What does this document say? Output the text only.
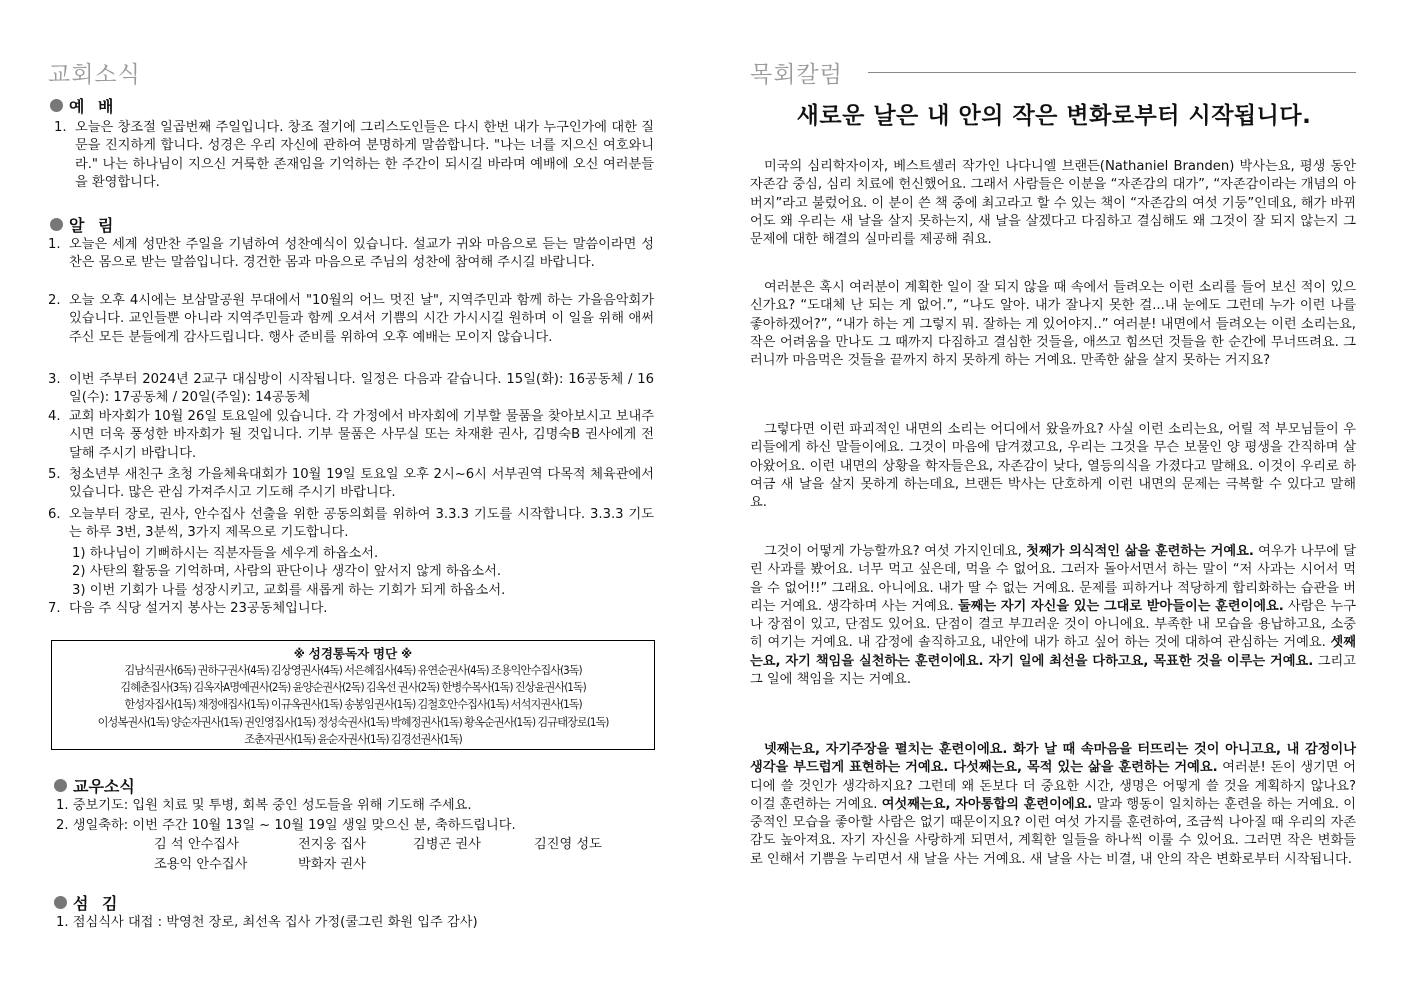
교회소식
예 배
1. 오늘은 창조절 일곱번째 주일입니다. 창조 절기에 그리스도인들은 다시 한번 내가 누구인가에 대한 질문을 진지하게 합니다. 성경은 우리 자신에 관하여 분명하게 말씀합니다. "나는 너를 지으신 여호와니라." 나는 하나님이 지으신 거룩한 존재임을 기억하는 한 주간이 되시길 바라며 예배에 오신 여러분들을 환영합니다.
알 림
1. 오늘은 세계 성만찬 주일을 기념하여 성찬예식이 있습니다. 설교가 귀와 마음으로 듣는 말씀이라면 성찬은 몸으로 받는 말씀입니다. 경건한 몸과 마음으로 주님의 성찬에 참여해 주시길 바랍니다.
2. 오늘 오후 4시에는 보삼말공원 무대에서 "10월의 어느 멋진 날", 지역주민과 함께 하는 가을음악회가 있습니다. 교인들뿐 아니라 지역주민들과 함께 오셔서 기쁨의 시간 가시시길 원하며 이 일을 위해 애써주신 모든 분들에게 감사드립니다. 행사 준비를 위하여 오후 예배는 모이지 않습니다.
3. 이번 주부터 2024년 2교구 대심방이 시작됩니다. 일정은 다음과 같습니다. 15일(화): 16공동체 / 16일(수): 17공동체 / 20일(주일): 14공동체
4. 교회 바자회가 10월 26일 토요일에 있습니다. 각 가정에서 바자회에 기부할 물품을 찾아보시고 보내주시면 더욱 풍성한 바자회가 될 것입니다. 기부 물품은 사무실 또는 차재환 권사, 김명숙B 권사에게 전달해 주시기 바랍니다.
5. 청소년부 새친구 초청 가을체육대회가 10월 19일 토요일 오후 2시~6시 서부권역 다목적 체육관에서 있습니다. 많은 관심 가져주시고 기도해 주시기 바랍니다.
6. 오늘부터 장로, 권사, 안수집사 선출을 위한 공동의회를 위하여 3.3.3 기도를 시작합니다. 3.3.3 기도는 하루 3번, 3분씩, 3가지 제목으로 기도합니다.
1) 하나님이 기뻐하시는 직분자들을 세우게 하옵소서.
2) 사탄의 활동을 기억하며, 사람의 판단이나 생각이 앞서지 않게 하옵소서.
3) 이번 기회가 나를 성장시키고, 교회를 새롭게 하는 기회가 되게 하옵소서.
7. 다음 주 식당 설거지 봉사는 23공동체입니다.
※ 성경통독자 명단 ※
김남식권사(6독) 권하구권사(4독) 김상영권사(4독) 서은혜집사(4독) 유연순권사(4독) 조용익안수집사(3독)
김혜춘집사(3독) 김옥자A명예권사(2독) 윤양순권사(2독) 김옥선 권사(2독) 한병수목사(1독) 진상윤권사(1독)
한성자집사(1독) 채정애집사(1독) 이규옥권사(1독) 송봉임권사(1독) 김철호안수집사(1독) 서석지권사(1독)
이성복권사(1독) 양순자권사(1독) 권인영집사(1독) 정성숙권사(1독) 박혜정권사(1독) 황옥순권사(1독) 김규태장로(1독)
조춘자권사(1독) 윤순자권사(1독) 김경선권사(1독)
교우소식
1. 중보기도: 입원 치료 및 투병, 회복 중인 성도들을 위해 기도해 주세요.
2. 생일축하: 이번 주간 10월 13일 ~ 10월 19일 생일 맞으신 분, 축하드립니다.
김 석 안수집사	전지웅 집사	김병곤 권사	김진영 성도
조용익 안수집사	박화자 권사
섬 김
1. 점심식사 대접 : 박영천 장로, 최선옥 집사 가정(쿨그린 화원 입주 감사)
목회칼럼
새로운 날은 내 안의 작은 변화로부터 시작됩니다.
미국의 심리학자이자, 베스트셀러 작가인 나다니엘 브랜든(Nathaniel Branden) 박사는요, 평생 동안 자존감 중심, 심리 치료에 헌신했어요. 그래서 사람들은 이분을 “자존감의 대가”, “자존감이라는 개념의 아버지”라고 불렀어요. 이 분이 쓴 책 중에 최고라고 할 수 있는 책이 “자존감의 여섯 기둥”인데요, 해가 바뀌어도 왜 우리는 새 날을 살지 못하는지, 새 날을 살겠다고 다짐하고 결심해도 왜 그것이 잘 되지 않는지 그 문제에 대한 해결의 실마리를 제공해 줘요.
여러분은 혹시 여러분이 계획한 일이 잘 되지 않을 때 속에서 들려오는 이런 소리를 들어 보신 적이 있으신가요? “도대체 난 되는 게 없어.”, “나도 알아. 내가 잘나지 못한 걸...내 눈에도 그런데 누가 이런 나를 좋아하겠어?”, “내가 하는 게 그렇지 뭐. 잘하는 게 있어야지..” 여러분! 내면에서 들려오는 이런 소리는요, 작은 어려움을 만나도 그 때까지 다짐하고 결심한 것들을, 애쓰고 힘쓰던 것들을 한 순간에 무너뜨려요. 그러니까 마음먹은 것들을 끝까지 하지 못하게 하는 거예요. 만족한 삶을 살지 못하는 거지요?
그렇다면 이런 파괴적인 내면의 소리는 어디에서 왔을까요? 사실 이런 소리는요, 어릴 적 부모님들이 우리들에게 하신 말들이에요. 그것이 마음에 담겨졌고요, 우리는 그것을 무슨 보물인 양 평생을 간직하며 살아왔어요. 이런 내면의 상황을 학자들은요, 자존감이 낮다, 열등의식을 가졌다고 말해요. 이것이 우리로 하여금 새 날을 살지 못하게 하는데요, 브랜든 박사는 단호하게 이런 내면의 문제는 극복할 수 있다고 말해요.
그것이 어떻게 가능할까요? 여섯 가지인데요, 첫째가 의식적인 삶을 훈련하는 거예요. 여우가 나무에 달린 사과를 봤어요. 너무 먹고 싶은데, 먹을 수 없어요. 그러자 돌아서면서 하는 말이 “저 사과는 시어서 먹을 수 없어!!” 그래요. 아니에요. 내가 딸 수 없는 거예요. 문제를 피하거나 적당하게 합리화하는 습관을 버리는 거예요. 생각하며 사는 거예요. 둘째는 자기 자신을 있는 그대로 받아들이는 훈련이에요. 사람은 누구나 장점이 있고, 단점도 있어요. 단점이 결코 부끄러운 것이 아니에요. 부족한 내 모습을 용납하고요, 소중히 여기는 거예요. 내 감정에 솔직하고요, 내안에 내가 하고 싶어 하는 것에 대하여 관심하는 거예요. 셋째는요, 자기 책임을 실천하는 훈련이에요. 자기 일에 최선을 다하고요, 목표한 것을 이루는 거예요. 그리고 그 일에 책임을 지는 거예요.
넷째는요, 자기주장을 펼치는 훈련이에요. 화가 날 때 속마음을 터뜨리는 것이 아니고요, 내 감정이나 생각을 부드럽게 표현하는 거예요. 다섯째는요, 목적 있는 삶을 훈련하는 거예요. 여러분! 돈이 생기면 어디에 쓸 것인가 생각하지요? 그런데 왜 돈보다 더 중요한 시간, 생명은 어떻게 쓸 것을 계획하지 않나요? 이걸 훈련하는 거예요. 여섯째는요, 자아통합의 훈련이에요. 말과 행동이 일치하는 훈련을 하는 거예요. 이중적인 모습을 좋아할 사람은 없기 때문이지요? 이런 여섯 가지를 훈련하여, 조금씩 나아질 때 우리의 자존감도 높아져요. 자기 자신을 사랑하게 되면서, 계획한 일들을 하나씩 이룰 수 있어요. 그러면 작은 변화들로 인해서 기쁨을 누리면서 새 날을 사는 거예요. 새 날을 사는 비결, 내 안의 작은 변화로부터 시작됩니다.
